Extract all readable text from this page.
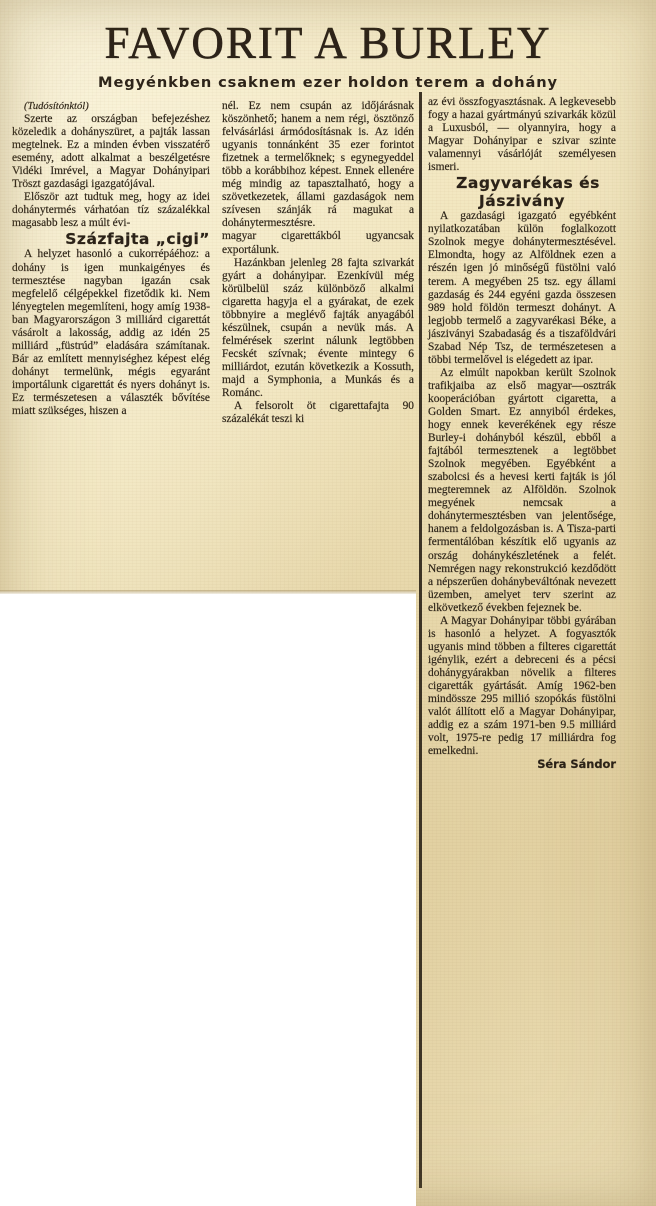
FAVORIT A BURLEY
Megyénkben csaknem ezer holdon terem a dohány

(Tudósítónktól)

Szerte az országban befejezéshez közeledik a dohányszüret, a pajták lassan megtelnek. Ez a minden évben visszatérő esemény, adott alkalmat a beszélgetésre Vidéki Imrével, a Magyar Dohányipari Tröszt gazdasági igazgatójával.

Először azt tudtuk meg, hogy az idei dohánytermés várhatóan tíz százalékkal magasabb lesz a múlt évi-

Százfajta „cigi”

A helyzet hasonló a cukorrépáéhoz: a dohány is igen munkaigényes és termesztése nagyban igazán csak megfelelő célgépekkel fizetődik ki. Nem lényegtelen megemlíteni, hogy amíg 1938-ban Magyarországon 3 milliárd cigarettát vásárolt a lakosság, addig az idén 25 milliárd „füstrúd” eladására számítanak. Bár az említett mennyiséghez képest elég dohányt termelünk, mégis egyaránt importálunk cigarettát és nyers dohányt is. Ez természetesen a választék bővítése miatt szükséges, hiszen a

nél. Ez nem csupán az időjárásnak köszönhető; hanem a nem régi, ösztönző felvásárlási ármódosításnak is. Az idén ugyanis tonnánként 35 ezer forintot fizetnek a termelőknek; s egynegyeddel több a korábbihoz képest. Ennek ellenére még mindig az tapasztalható, hogy a szövetkezetek, állami gazdaságok nem szívesen szánják rá magukat a dohánytermesztésre.

magyar cigarettákból ugyancsak exportálunk.

Hazánkban jelenleg 28 fajta szivarkát gyárt a dohányipar. Ezenkívül még körülbelül száz különböző alkalmi cigaretta hagyja el a gyárakat, de ezek többnyire a meglévő fajták anyagából készülnek, csupán a nevük más. A felmérések szerint nálunk legtöbben Fecskét szívnak; évente mintegy 6 milliárdot, ezután következik a Kossuth, majd a Symphonia, a Munkás és a Románc.

A felsorolt öt cigarettafajta 90 százalékát teszi ki

az évi összfogyasztásnak. A legkevesebb fogy a hazai gyártmányú szivarkák közül a Luxusból, — olyannyira, hogy a Magyar Dohányipar e szivar szinte valamennyi vásárlóját személyesen ismeri.

Zagyvarékas és Jászivány

A gazdasági igazgató egyébként nyilatkozatában külön foglalkozott Szolnok megye dohánytermesztésével. Elmondta, hogy az Alföldnek ezen a részén igen jó minőségű füstölni való terem. A megyében 25 tsz. egy állami gazdaság és 244 egyéni gazda összesen 989 hold földön termeszt dohányt. A legjobb termelő a zagyvarékasi Béke, a jásziványi Szabadaság és a tiszaföldvári Szabad Nép Tsz, de természetesen a többi termelővel is elégedett az ipar.

Az elmúlt napokban került Szolnok trafikjaiba az első magyar—osztrák kooperációban gyártott cigaretta, a Golden Smart. Ez annyiból érdekes, hogy ennek keverékének egy része Burley-i dohányból készül, ebből a fajtából termesztenek a legtöbbet Szolnok megyében. Egyébként a szabolcsi és a hevesi kerti fajták is jól megteremnek az Alföldön. Szolnok megyének nemcsak a dohánytermesztésben van jelentősége, hanem a feldolgozásban is. A Tisza-parti fermentálóban készítik elő ugyanis az ország dohánykészletének a felét. Nemrégen nagy rekonstrukció kezdődött a népszerűen dohánybeváltónak nevezett üzemben, amelyet terv szerint az elkövetkező években fejeznek be.

A Magyar Dohányipar többi gyárában is hasonló a helyzet. A fogyasztók ugyanis mind többen a filteres cigarettát igénylik, ezért a debreceni és a pécsi dohánygyárakban növelik a filteres cigaretták gyártását. Amíg 1962-ben mindössze 295 millió szopókás füstölni valót állított elő a Magyar Dohányipar, addig ez a szám 1971-ben 9.5 milliárd volt, 1975-re pedig 17 milliárdra fog emelkedni.

Séra Sándor
